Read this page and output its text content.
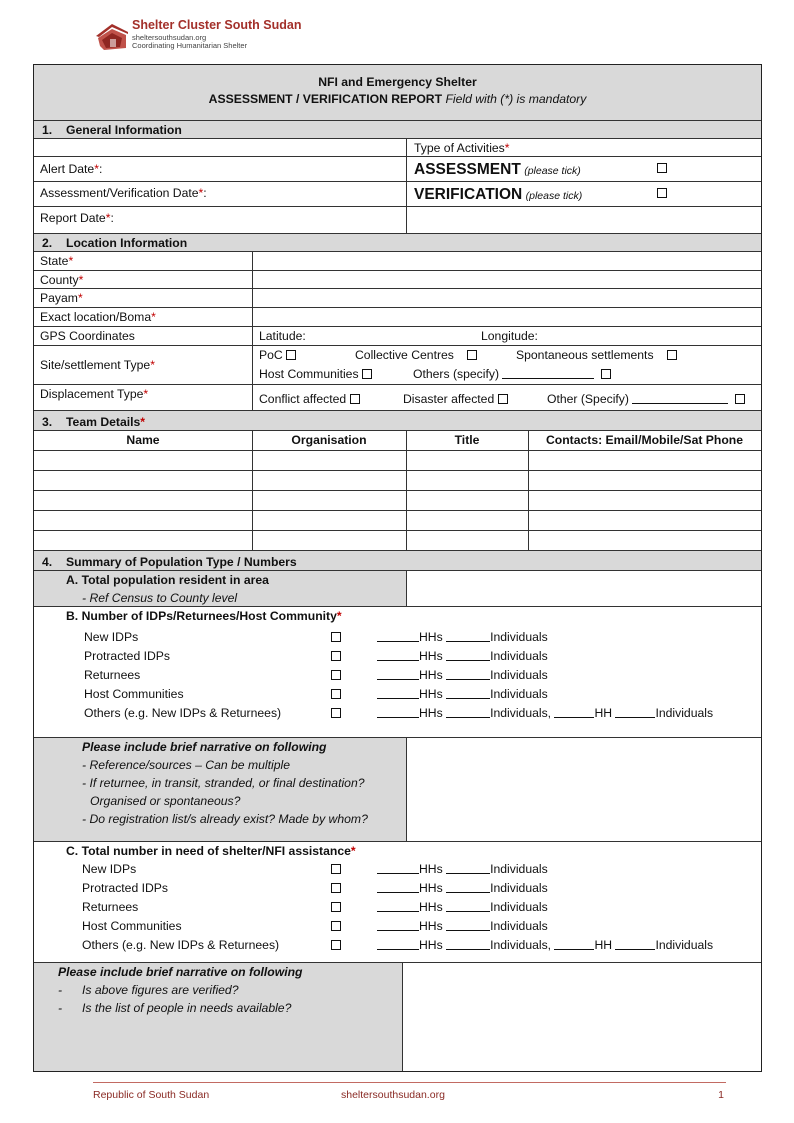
Shelter Cluster South Sudan
sheltersouthsudan.org
Coordinating Humanitarian Shelter
NFI and Emergency Shelter
ASSESSMENT / VERIFICATION REPORT Field with (*) is mandatory
1. General Information
Type of Activities*
Alert Date*:	ASSESSMENT (please tick)
Assessment/Verification Date*:	VERIFICATION (please tick)
Report Date*:
2. Location Information
State*
County*
Payam*
Exact location/Boma*
GPS Coordinates	Latitude:	Longitude:
Site/settlement Type*
PoC	Collective Centres	Spontaneous settlements
Host Communities	Others (specify)
Displacement Type*	Conflict affected	Disaster affected	Other (Specify)
3. Team Details*
Name	Organisation	Title	Contacts: Email/Mobile/Sat Phone
4. Summary of Population Type / Numbers
A. Total population resident in area
- Ref Census to County level
B. Number of IDPs/Returnees/Host Community*
Please include brief narrative on following
- Reference/sources – Can be multiple
- If returnee, in transit, stranded, or final destination?
Organised or spontaneous?
- Do registration list/s already exist? Made by whom?
C. Total number in need of shelter/NFI assistance*
Please include brief narrative on following
- Is above figures are verified?
- Is the list of people in needs available?
New IDPs	HHs	Individuals
Protracted IDPs	HHs	Individuals
Returnees	HHs	Individuals
Host Communities	HHs	Individuals
Others (e.g. New IDPs & Returnees)	HHs	Individuals,	HH	Individuals
New IDPs	HHs	Individuals
Protracted IDPs	HHs	Individuals
Returnees	HHs	Individuals
Host Communities	HHs	Individuals
Others (e.g. New IDPs & Returnees)	HHs	Individuals,	HH	Individuals
Republic of South Sudan	sheltersouthsudan.org	1
